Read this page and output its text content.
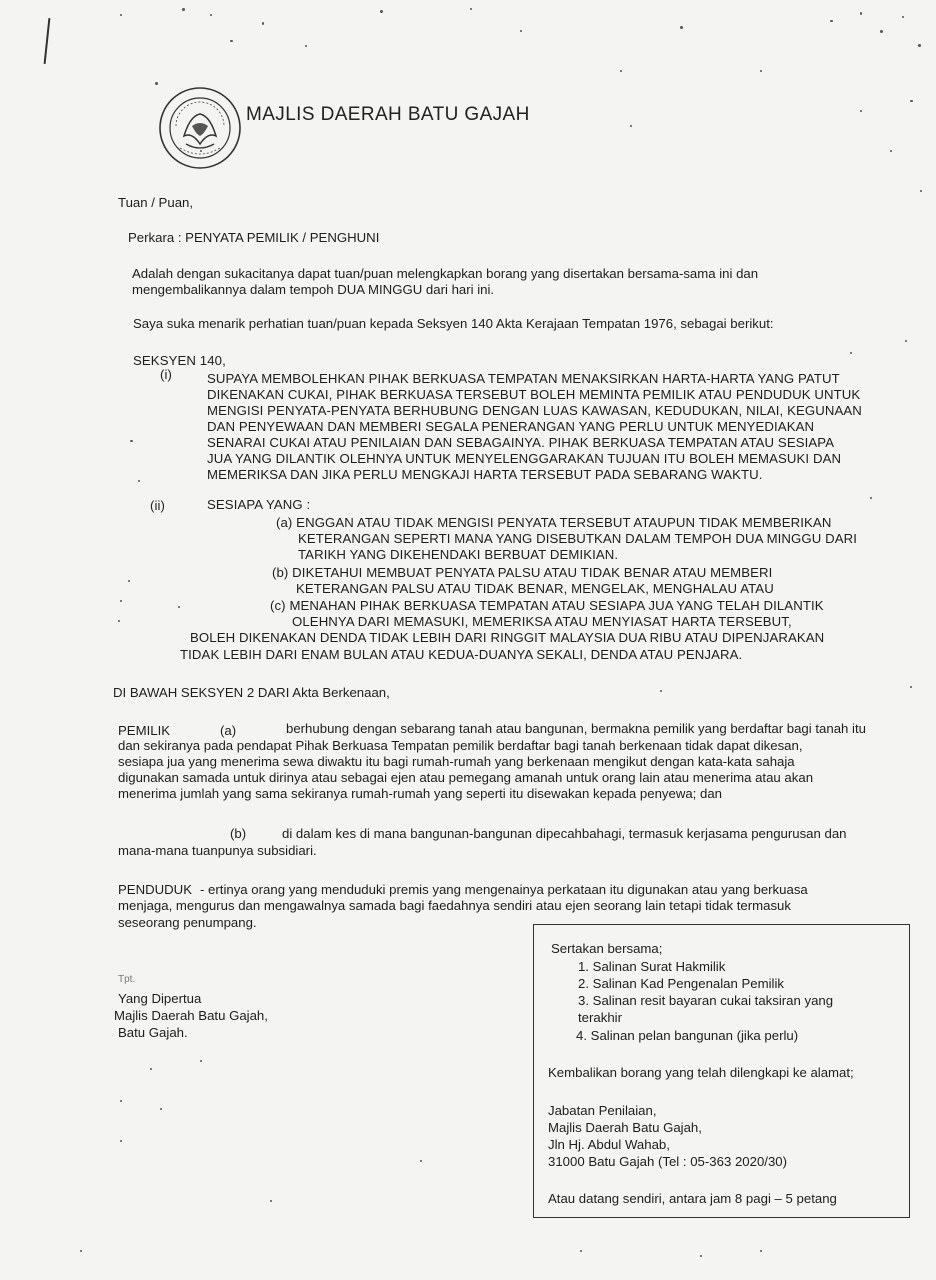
MAJLIS DAERAH BATU GAJAH
Tuan / Puan,
Perkara : PENYATA PEMILIK / PENGHUNI
Adalah dengan sukacitanya dapat tuan/puan melengkapkan borang yang disertakan bersama-sama ini dan
mengembalikannya dalam tempoh DUA MINGGU dari hari ini.
Saya suka menarik perhatian tuan/puan kepada Seksyen 140 Akta Kerajaan Tempatan 1976, sebagai berikut:
SEKSYEN 140,
(i)	SUPAYA MEMBOLEHKAN PIHAK BERKUASA TEMPATAN MENAKSIRKAN HARTA-HARTA YANG PATUT
DIKENAKAN CUKAI, PIHAK BERKUASA TERSEBUT BOLEH MEMINTA PEMILIK ATAU PENDUDUK UNTUK
MENGISI PENYATA-PENYATA BERHUBUNG DENGAN LUAS KAWASAN, KEDUDUKAN, NILAI, KEGUNAAN
DAN PENYEWAAN DAN MEMBERI SEGALA PENERANGAN YANG PERLU UNTUK MENYEDIAKAN
SENARAI CUKAI ATAU PENILAIAN DAN SEBAGAINYA. PIHAK BERKUASA TEMPATAN ATAU SESIAPA
JUA YANG DILANTIK OLEHNYA UNTUK MENYELENGGARAKAN TUJUAN ITU BOLEH MEMASUKI DAN
MEMERIKSA DAN JIKA PERLU MENGKAJI HARTA TERSEBUT PADA SEBARANG WAKTU.
(ii)	SESIAPA YANG :
(a) ENGGAN ATAU TIDAK MENGISI PENYATA TERSEBUT ATAUPUN TIDAK MEMBERIKAN
KETERANGAN SEPERTI MANA YANG DISEBUTKAN DALAM TEMPOH DUA MINGGU DARI
TARIKH YANG DIKEHENDAKI BERBUAT DEMIKIAN.
(b) DIKETAHUI MEMBUAT PENYATA PALSU ATAU TIDAK BENAR ATAU MEMBERI
KETERANGAN PALSU ATAU TIDAK BENAR, MENGELAK, MENGHALAU ATAU
(c) MENAHAN PIHAK BERKUASA TEMPATAN ATAU SESIAPA JUA YANG TELAH DILANTIK
OLEHNYA DARI MEMASUKI, MEMERIKSA ATAU MENYIASAT HARTA TERSEBUT,
BOLEH DIKENAKAN DENDA TIDAK LEBIH DARI RINGGIT MALAYSIA DUA RIBU ATAU DIPENJARAKAN
TIDAK LEBIH DARI ENAM BULAN ATAU KEDUA-DUANYA SEKALI, DENDA ATAU PENJARA.
DI BAWAH SEKSYEN 2 DARI Akta Berkenaan,
PEMILIK	(a)	berhubung dengan sebarang tanah atau bangunan, bermakna pemilik yang berdaftar bagi tanah itu
dan sekiranya pada pendapat Pihak Berkuasa Tempatan pemilik berdaftar bagi tanah berkenaan tidak dapat dikesan,
sesiapa jua yang menerima sewa diwaktu itu bagi rumah-rumah yang berkenaan mengikut dengan kata-kata sahaja
digunakan samada untuk dirinya atau sebagai ejen atau pemegang amanah untuk orang lain atau menerima atau akan
menerima jumlah yang sama sekiranya rumah-rumah yang seperti itu disewakan kepada penyewa; dan
(b)	di dalam kes di mana bangunan-bangunan dipecahbahagi, termasuk kerjasama pengurusan dan
mana-mana tuanpunya subsidiari.
PENDUDUK - ertinya orang yang menduduki premis yang mengenainya perkataan itu digunakan atau yang berkuasa
menjaga, mengurus dan mengawalnya samada bagi faedahnya sendiri atau ejen seorang lain tetapi tidak termasuk
seseorang penumpang.
Tpt.
Yang Dipertua
Majlis Daerah Batu Gajah,
Batu Gajah.
Sertakan bersama;
1. Salinan Surat Hakmilik
2. Salinan Kad Pengenalan Pemilik
3. Salinan resit bayaran cukai taksiran yang
terakhir
4. Salinan pelan bangunan (jika perlu)
Kembalikan borang yang telah dilengkapi ke alamat;
Jabatan Penilaian,
Majlis Daerah Batu Gajah,
Jln Hj. Abdul Wahab,
31000 Batu Gajah (Tel : 05-363 2020/30)
Atau datang sendiri, antara jam 8 pagi – 5 petang
